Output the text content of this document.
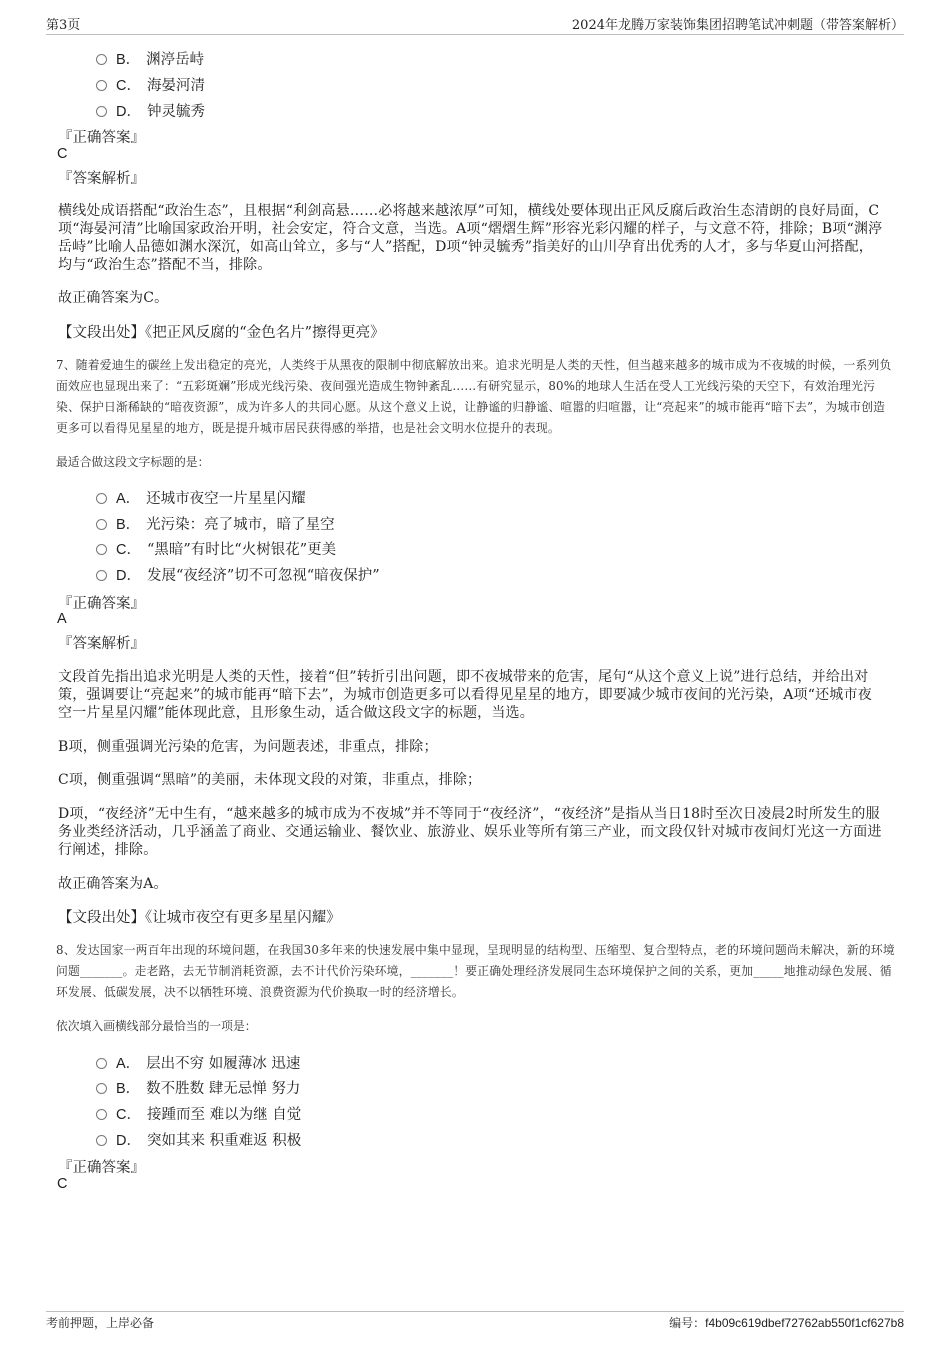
第3页	2024年龙腾万家装饰集团招聘笔试冲刺题（带答案解析）
B． 渊渟岳峙
C． 海晏河清
D． 钟灵毓秀
『正确答案』
C
『答案解析』
横线处成语搭配“政治生态”，且根据“利剑高悬……必将越来越浓厚”可知，横线处要体现出正风反腐后政治生态清朗的良好局面，C项“海晏河清”比喻国家政治开明，社会安定，符合文意，当选。A项“熠熠生辉”形容光彩闪耀的样子，与文意不符，排除；B项“渊渟岳峙”比喻人品德如渊水深沉，如高山耸立，多与“人”搭配，D项“钟灵毓秀”指美好的山川孕育出优秀的人才，多与华夏山河搭配，均与“政治生态”搭配不当，排除。
故正确答案为C。
【文段出处】《把正风反腐的“金色名片”擦得更亮》
7、随着爱迪生的碳丝上发出稳定的亮光，人类终于从黑夜的限制中彻底解放出来。追求光明是人类的天性，但当越来越多的城市成为不夜城的时候，一系列负面效应也显现出来了：“五彩斑斓”形成光线污染、夜间强光造成生物钟紊乱……有研究显示，80%的地球人生活在受人工光线污染的天空下，有效治理光污染、保护日渐稀缺的“暗夜资源”，成为许多人的共同心愿。从这个意义上说，让静谧的归静谧、喧嚣的归喧嚣，让“亮起来”的城市能再“暗下去”，为城市创造更多可以看得见星星的地方，既是提升城市居民获得感的举措，也是社会文明水位提升的表现。
最适合做这段文字标题的是：
A． 还城市夜空一片星星闪耀
B． 光污染：亮了城市，暗了星空
C． “黑暗”有时比“火树银花”更美
D． 发展“夜经济”切不可忽视“暗夜保护”
『正确答案』
A
『答案解析』
文段首先指出追求光明是人类的天性，接着“但”转折引出问题，即不夜城带来的危害，尾句“从这个意义上说”进行总结，并给出对策，强调要让“亮起来”的城市能再“暗下去”，为城市创造更多可以看得见星星的地方，即要减少城市夜间的光污染，A项“还城市夜空一片星星闪耀”能体现此意，且形象生动，适合做这段文字的标题，当选。
B项，侧重强调光污染的危害，为问题表述，非重点，排除；
C项，侧重强调“黑暗”的美丽，未体现文段的对策，非重点，排除；
D项，“夜经济”无中生有，“越来越多的城市成为不夜城”并不等同于“夜经济”，“夜经济”是指从当日18时至次日凌晨2时所发生的服务业类经济活动，几乎涵盖了商业、交通运输业、餐饮业、旅游业、娱乐业等所有第三产业，而文段仅针对城市夜间灯光这一方面进行阐述，排除。
故正确答案为A。
【文段出处】《让城市夜空有更多星星闪耀》
8、发达国家一两百年出现的环境问题，在我国30多年来的快速发展中集中显现，呈现明显的结构型、压缩型、复合型特点，老的环境问题尚未解决，新的环境问题_______。走老路，去无节制消耗资源，去不计代价污染环境，_______！要正确处理经济发展同生态环境保护之间的关系，更加_____地推动绿色发展、循环发展、低碳发展，决不以牺牲环境、浪费资源为代价换取一时的经济增长。
依次填入画横线部分最恰当的一项是：
A． 层出不穷 如履薄冰 迅速
B． 数不胜数 肆无忌惮 努力
C． 接踵而至 难以为继 自觉
D． 突如其来 积重难返 积极
『正确答案』
C
考前押题，上岸必备	编号：f4b09c619dbef72762ab550f1cf627b8
